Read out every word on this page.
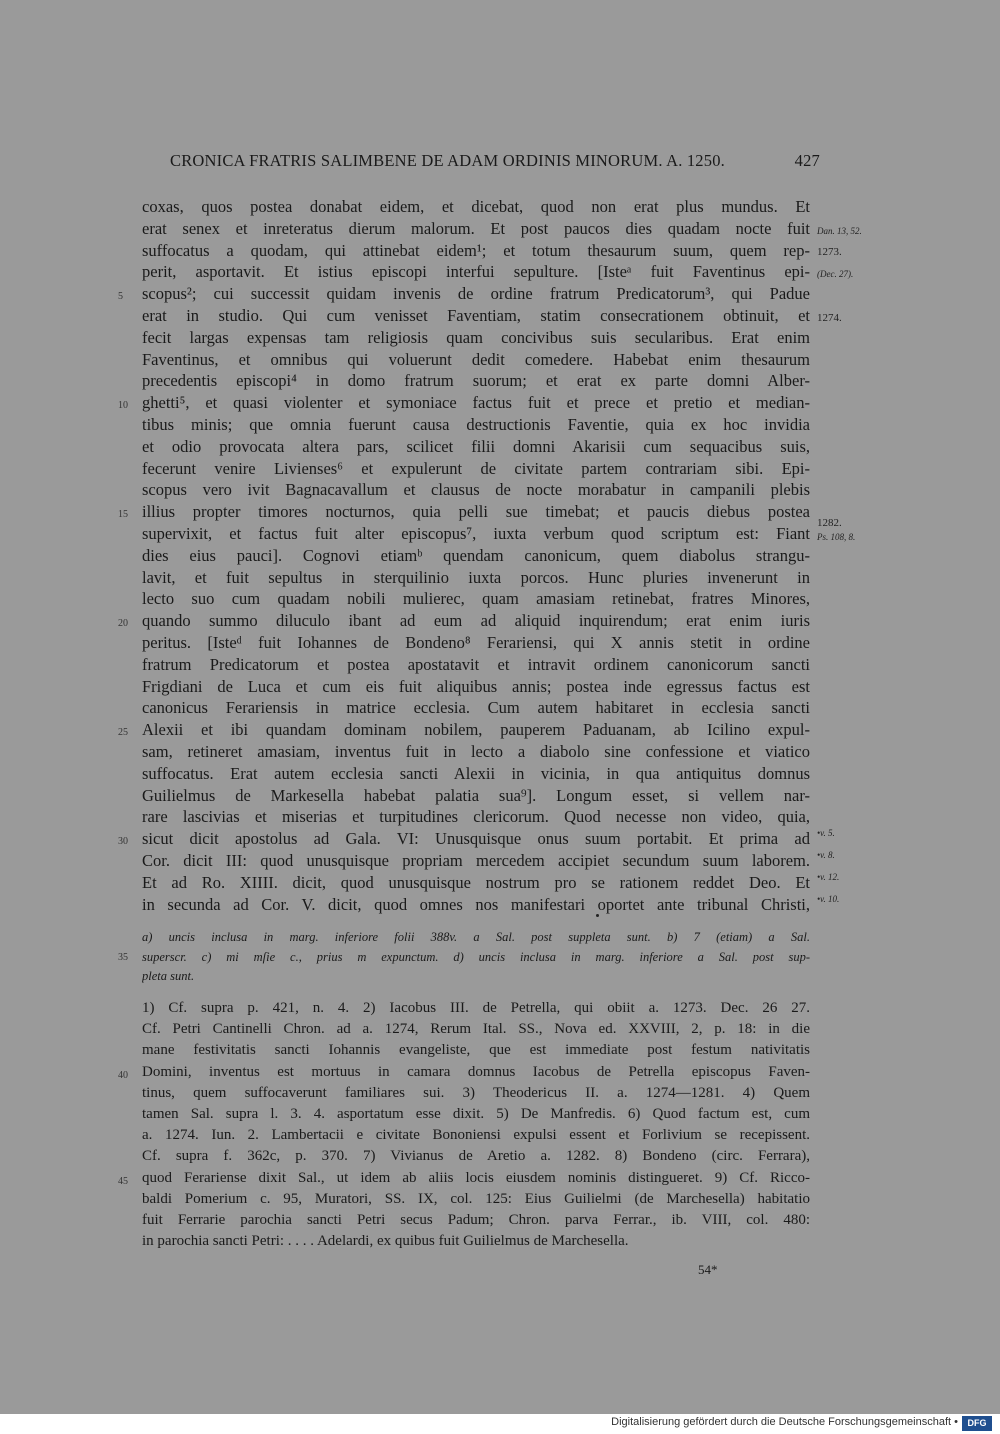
CRONICA FRATRIS SALIMBENE DE ADAM ORDINIS MINORUM. A. 1250.	427
coxas, quos postea donabat eidem, et dicebat, quod non erat plus mundus. Et
erat senex et inreteratus dierum malorum. Et post paucos dies quadam nocte fuit
suffocatus a quodam, qui attinebat eidem¹; et totum thesaurum suum, quem rep-
perit, asportavit. Et istius episcopi interfui sepulture. [Isteᵃ fuit Faventinus epi-
scopus²; cui successit quidam invenis de ordine fratrum Predicatorum³, qui Padue
erat in studio. Qui cum venisset Faventiam, statim consecrationem obtinuit, et
fecit largas expensas tam religiosis quam concivibus suis secularibus. Erat enim
Faventinus, et omnibus qui voluerunt dedit comedere. Habebat enim thesaurum
precedentis episcopi⁴ in domo fratrum suorum; et erat ex parte domni Alber-
ghetti⁵, et quasi violenter et symoniace factus fuit et prece et pretio et median-
tibus minis; que omnia fuerunt causa destructionis Faventie, quia ex hoc invidia
et odio provocata altera pars, scilicet filii domni Akarisii cum sequacibus suis,
fecerunt venire Livienses⁶ et expulerunt de civitate partem contrariam sibi. Epi-
scopus vero ivit Bagnacavallum et clausus de nocte morabatur in campanili plebis
illius propter timores nocturnos, quia pelli sue timebat; et paucis diebus postea
supervixit, et factus fuit alter episcopus⁷, iuxta verbum quod scriptum est: Fiant
dies eius pauci]. Cognovi etiamᵇ quendam canonicum, quem diabolus strangu-
lavit, et fuit sepultus in sterquilinio iuxta porcos. Hunc pluries invenerunt in
lecto suo cum quadam nobili mulierec, quam amasiam retinebat, fratres Minores,
quando summo diluculo ibant ad eum ad aliquid inquirendum; erat enim iuris
peritus. [Isteᵈ fuit Iohannes de Bondeno⁸ Ferariensi, qui X annis stetit in ordine
fratrum Predicatorum et postea apostatavit et intravit ordinem canonicorum sancti
Frigdiani de Luca et cum eis fuit aliquibus annis; postea inde egressus factus est
canonicus Ferariensis in matrice ecclesia. Cum autem habitaret in ecclesia sancti
Alexii et ibi quandam dominam nobilem, pauperem Paduanam, ab Icilino expul-
sam, retineret amasiam, inventus fuit in lecto a diabolo sine confessione et viatico
suffocatus. Erat autem ecclesia sancti Alexii in vicinia, in qua antiquitus domnus
Guilielmus de Markesella habebat palatia sua⁹]. Longum esset, si vellem nar-
rare lascivias et miserias et turpitudines clericorum. Quod necesse non video, quia,
sicut dicit apostolus ad Gala. VI: Unusquisque onus suum portabit. Et prima ad
Cor. dicit III: quod unusquisque propriam mercedem accipiet secundum suum laborem.
Et ad Ro. XIIII. dicit, quod unusquisque nostrum pro se rationem reddet Deo. Et
in secunda ad Cor. V. dicit, quod omnes nos manifestari oportet ante tribunal Christi,
5
10
15
20
25
30
Dan. 13, 52.
1273.
(Dec. 27).
1274.
1282.
Ps. 108, 8.
•v. 5.
•v. 8.
•v. 12.
•v. 10.
a) uncis inclusa in marg. inferiore folii 388v. a Sal. post suppleta sunt. b) 7 (etiam) a Sal.
superscr. c) mi mſie c., prius m expunctum. d) uncis inclusa in marg. inferiore a Sal. post sup-
pleta sunt.
35
1) Cf. supra p. 421, n. 4. 2) Iacobus III. de Petrella, qui obiit a. 1273. Dec. 26 27.
Cf. Petri Cantinelli Chron. ad a. 1274, Rerum Ital. SS., Nova ed. XXVIII, 2, p. 18: in die
mane festivitatis sancti Iohannis evangeliste, que est immediate post festum nativitatis
Domini, inventus est mortuus in camara domnus Iacobus de Petrella episcopus Faven-
tinus, quem suffocaverunt familiares sui. 3) Theodericus II. a. 1274—1281. 4) Quem
tamen Sal. supra l. 3. 4. asportatum esse dixit. 5) De Manfredis. 6) Quod factum est, cum
a. 1274. Iun. 2. Lambertacii e civitate Bononiensi expulsi essent et Forlivium se recepissent.
Cf. supra f. 362c, p. 370. 7) Vivianus de Aretio a. 1282. 8) Bondeno (circ. Ferrara),
quod Ferаriense dixit Sal., ut idem ab aliis locis eiusdem nominis distingueret. 9) Cf. Ricco-
baldi Pomerium c. 95, Muratori, SS. IX, col. 125: Eius Guilielmi (de Marchesella) habitatio
fuit Ferrarie parochia sancti Petri secus Padum; Chron. parva Ferrar., ib. VIII, col. 480:
in parochia sancti Petri: . . . . Adelardi, ex quibus fuit Guilielmus de Marchesella.
40
45
54*
Digitalisierung gefördert durch die Deutsche Forschungsgemeinschaft •	DFG
